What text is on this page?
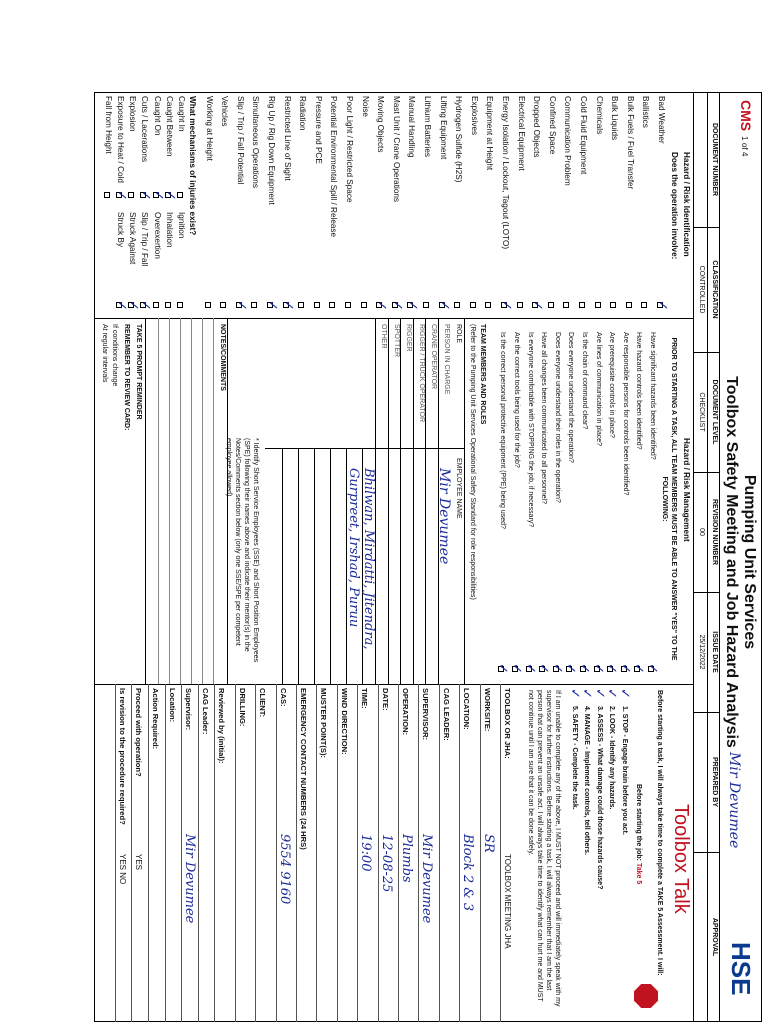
CMS
1 of 4
Pumping Unit Services
Toolbox Safety Meeting and Job Hazard Analysis
HSE
DOCUMENT NUMBER
CLASSIFICATION
CONTROLLED
DOCUMENT LEVEL
CHECKLIST
REVISION NUMBER
00
ISSUE DATE
25/12/2022
PREPARED BY
APPROVAL
Mir Devumee
Hazard / Risk Identification
Does the operation involve:
Bad Weather
✓
Ballistics
Bulk Fuels / Fuel Transfer
Bulk Liquids
Chemicals
Cold Fluid Equipment
Communication Problem
Confined Space
Dropped Objects
✓
Electrical Equipment
Energy Isolation / Lockout, Tagout (LOTO)
✓
Equipment at Height
Explosives
Hydrogen Sulfide (H2S)
Lifting Equipment
✓
Lithium Batteries
Manual Handling
✓
Mast Unit / Crane Operations
✓
Moving Objects
✓
Noise
Poor Light / Restricted Space
Potential Environmental Spill / Release
Pressure and PCE
Radiation
Restricted Line of Sight
✓
Rig Up / Rig Down Equipment
✓
Simultaneous Operations
Slip / Trip / Fall Potential
✓
Vehicles
Working at Height
What mechanisms of injuries exist?
Caught In
Caught Between
✓
Caught On
✓
Cuts / Lacerations
✓
Explosion
Exposure to Heat / Cold
✓
Fall from Height
Ignition
Inhalation
Overexertion
Slip / Trip / Fall
✓
Struck Against
✓
Struck By
✓
Hazard / Risk Management
PRIOR TO STARTING A TASK, ALL TEAM MEMBERS MUST BE ABLE TO ANSWER "YES" TO THE FOLLOWING:
Have significant hazards been identified?
✓
Have hazard controls been identified?
✓
Are responsible persons for controls been identified?
✓
Are prerequisite controls in place?
✓
Are lines of communication in place?
✓
Is the chain of command clear?
✓
Does everyone understand the operation?
✓
Does everyone understand their roles in the operation?
✓
Have all changes been communicated to all personnel?
✓
Is everyone comfortable with STOPPING the job, if necessary?
✓
Are the correct tools being used for the job?
✓
Is the correct personal protective equipment (PPE) being used?
✓
TEAM MEMBERS AND ROLES
(Refer to the Pumping Unit Services Operational Safety Standard for role responsibilities)
ROLE
EMPLOYEE NAME
PERSON IN CHARGE
CRANE OPERATOR
RIGGER / TRUCK OPERATOR
RIGGER
SPOTTER
OTHER
Mir Devumee
Bhilwan, Mirdatti, Jitendra, Gurpreet, Irshad, Puruu
* Identify Short Service Employees (SSE) and Short Position Employees (SPE) following their names above and indicate their mentor(s) in the Notes/Comments section below (only one SSE/SPE per competent employee allowed)
NOTES/COMMENTS
TAKE 5 PROMPT REMINDER
REMEMBER TO REVIEW CARD:
If conditions change
At regular intervals
Toolbox Talk
Before starting a task, I will always take time to complete a TAKE 5 Assessment. I will:
Before starting the job: Take 5
1. STOP - Engage brain before you act.
✓
2. LOOK - Identify any hazards.
✓
3. ASSESS - What damage could those hazards cause?
✓
4. MANAGE - Implement controls, tell others.
✓
5. SAFETY - Complete the task.
✓
If I am unable to complete any of the above, I MUST NOT proceed and will immediately speak with my supervisor for further instructions. Before starting a task, I will always remember that I am the last person that can prevent an unsafe act. I will always take time to identify what can hurt me and MUST not continue until I am sure that it can be done safely.
TOOLBOX OR JHA:
TOOLBOX MEETING JHA
WORKSITE:
SR
LOCATION:
Block 2 & 3
CAG LEADER:
SUPERVISOR:
Mir Devumee
OPERATION:
Plumbs
DATE:
12-08-25
TIME:
19:00
WIND DIRECTION:
MUSTER POINT(S):
EMERGENCY CONTACT NUMBERS (24 HRS)
CAS:
9554 9160
CLIENT:
DRILLING:
Reviewed by (initial):
CAG Leader:
Supervisor:
Mir Devumee
Location:
Action Required:
Proceed with operation?
YES
Is revision to the procedure required?
YES NO
